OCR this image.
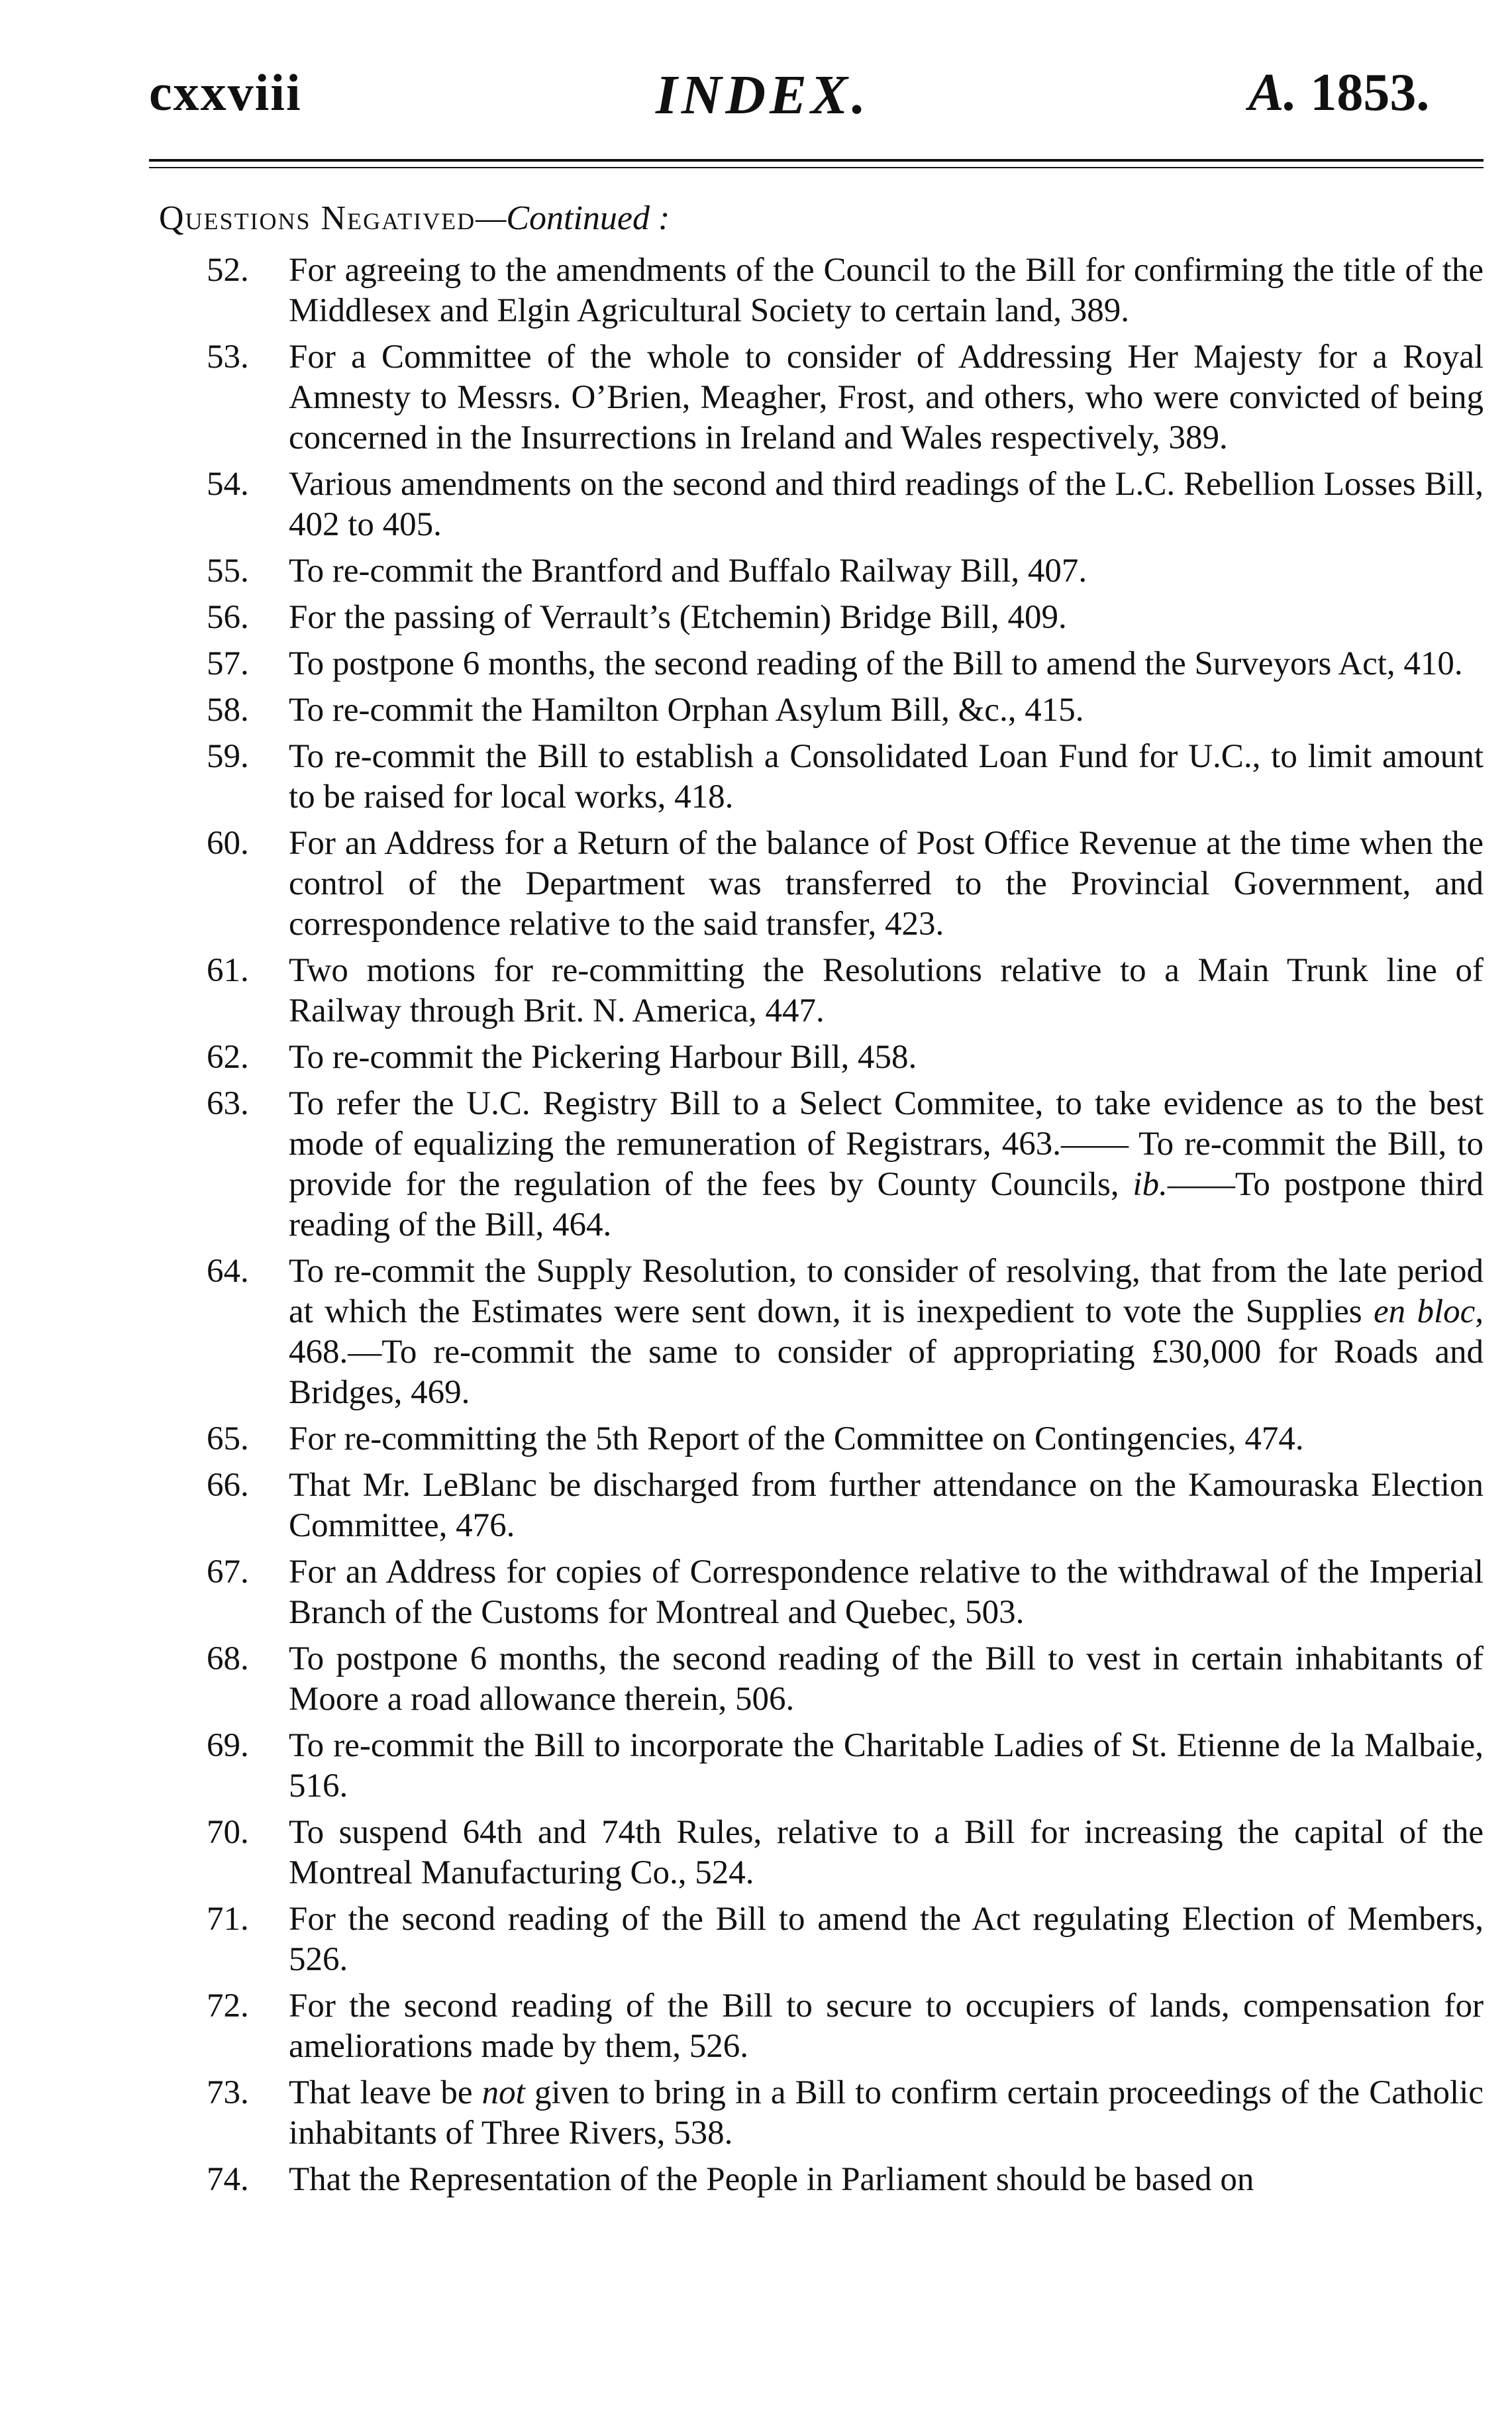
cxxviii	INDEX.	A. 1853.
Questions Negatived—Continued :
52.	For agreeing to the amendments of the Council to the Bill for confirming the title of the Middlesex and Elgin Agricultural Society to certain land, 389.
53.	For a Committee of the whole to consider of Addressing Her Majesty for a Royal Amnesty to Messrs. O’Brien, Meagher, Frost, and others, who were convicted of being concerned in the Insurrections in Ireland and Wales respectively, 389.
54.	Various amendments on the second and third readings of the L.C. Rebellion Losses Bill, 402 to 405.
55.	To re-commit the Brantford and Buffalo Railway Bill, 407.
56.	For the passing of Verrault’s (Etchemin) Bridge Bill, 409.
57.	To postpone 6 months, the second reading of the Bill to amend the Surveyors Act, 410.
58.	To re-commit the Hamilton Orphan Asylum Bill, &c., 415.
59.	To re-commit the Bill to establish a Consolidated Loan Fund for U.C., to limit amount to be raised for local works, 418.
60.	For an Address for a Return of the balance of Post Office Revenue at the time when the control of the Department was transferred to the Provincial Government, and correspondence relative to the said transfer, 423.
61.	Two motions for re-committing the Resolutions relative to a Main Trunk line of Railway through Brit. N. America, 447.
62.	To re-commit the Pickering Harbour Bill, 458.
63.	To refer the U.C. Registry Bill to a Select Commitee, to take evidence as to the best mode of equalizing the remuneration of Registrars, 463.—— To re-commit the Bill, to provide for the regulation of the fees by County Councils, ib.——To postpone third reading of the Bill, 464.
64.	To re-commit the Supply Resolution, to consider of resolving, that from the late period at which the Estimates were sent down, it is inexpedient to vote the Supplies en bloc, 468.—To re-commit the same to consider of appropriating £30,000 for Roads and Bridges, 469.
65.	For re-committing the 5th Report of the Committee on Contingencies, 474.
66.	That Mr. LeBlanc be discharged from further attendance on the Kamouraska Election Committee, 476.
67.	For an Address for copies of Correspondence relative to the withdrawal of the Imperial Branch of the Customs for Montreal and Quebec, 503.
68.	To postpone 6 months, the second reading of the Bill to vest in certain inhabitants of Moore a road allowance therein, 506.
69.	To re-commit the Bill to incorporate the Charitable Ladies of St. Etienne de la Malbaie, 516.
70.	To suspend 64th and 74th Rules, relative to a Bill for increasing the capital of the Montreal Manufacturing Co., 524.
71.	For the second reading of the Bill to amend the Act regulating Election of Members, 526.
72.	For the second reading of the Bill to secure to occupiers of lands, compensation for ameliorations made by them, 526.
73.	That leave be not given to bring in a Bill to confirm certain proceedings of the Catholic inhabitants of Three Rivers, 538.
74.	That the Representation of the People in Parliament should be based on
